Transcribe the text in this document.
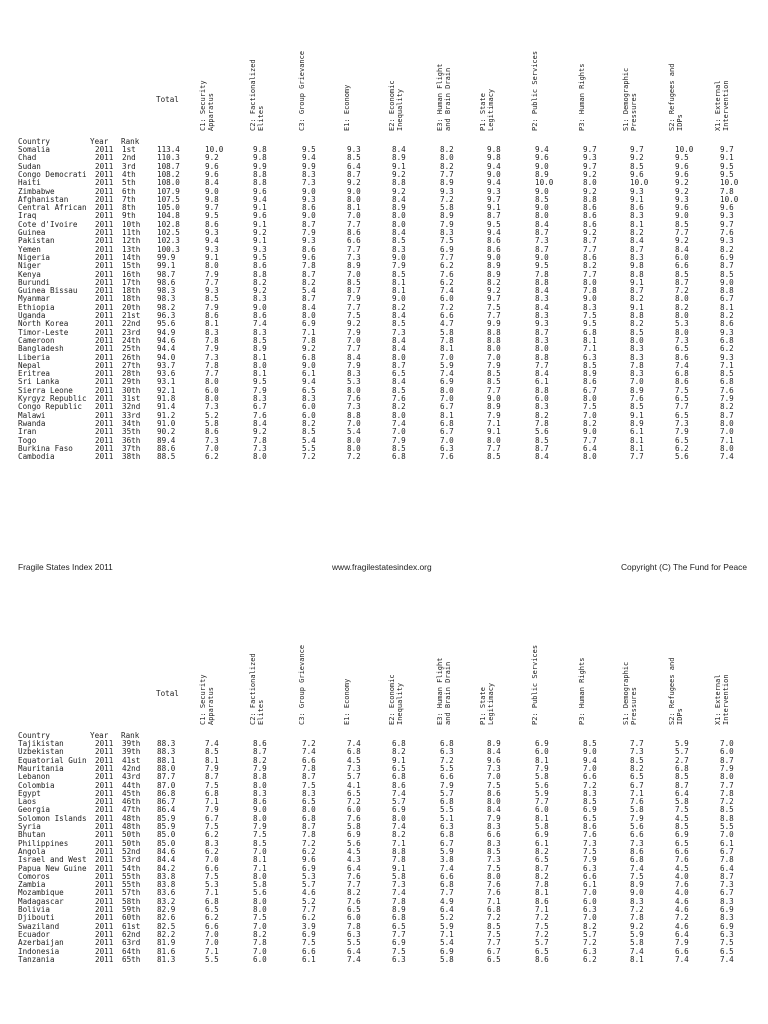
Total
Country	Year Rank
C1: Security Apparatus	C2: Factionalized Elites	C3: Group Grievance	E1: Economy	E2: Economic Inequality	E3: Human Flight and Brain Drain	P1: State Legitimacy	P2: Public Services	P3: Human Rights	S1: Demographic Pressures	S2: Refugees and IDPs	X1: External Intervention
Somalia	2011 1st	113.4	10.0	9.8	9.5	9.3	8.4	8.2	9.8	9.4	9.7	9.7	10.0	9.7
Chad	2011 2nd	110.3	9.2	9.8	9.4	8.5	8.9	8.0	9.8	9.6	9.3	9.2	9.5	9.1
Sudan	2011 3rd	108.7	9.6	9.9	9.9	6.4	9.1	8.2	9.4	9.0	9.7	8.5	9.6	9.5
Congo Democrati 2011 4th	108.2	9.6	8.8	8.3	8.7	9.2	7.7	9.0	8.9	9.2	9.6	9.6	9.5
Haiti	2011 5th	108.0	8.4	8.8	7.3	9.2	8.8	8.9	9.4	10.0	8.0	10.0	9.2	10.0
Zimbabwe	2011 6th	107.9	9.0	9.6	9.0	9.0	9.2	9.3	9.3	9.0	9.2	9.3	9.2	7.8
Afghanistan	2011 7th	107.5	9.8	9.4	9.3	8.0	8.4	7.2	9.7	8.5	8.8	9.1	9.3	10.0
Central African 2011 8th	105.0	9.7	9.1	8.6	8.1	8.9	5.8	9.1	9.0	8.6	8.6	9.6	9.6
Iraq	2011 9th	104.8	9.5	9.6	9.0	7.0	8.0	8.9	8.7	8.0	8.6	8.3	9.0	9.3
Cote d'Ivoire 2011 10th 102.8	8.6	9.1	8.7	7.7	8.0	7.9	9.5	8.4	8.6	8.1	8.5	9.7
Guinea	2011 11th 102.5	9.3	9.2	7.9	8.6	8.4	8.3	9.4	8.7	9.2	8.2	7.7	7.6
Pakistan	2011 12th 102.3	9.4	9.1	9.3	6.6	8.5	7.5	8.6	7.3	8.7	8.4	9.2	9.3
Yemen	2011 13th 100.3	9.3	9.3	8.6	7.7	8.3	6.9	8.6	8.7	7.7	8.7	8.4	8.2
Nigeria	2011 14th 99.9	9.1	9.5	9.6	7.3	9.0	7.7	9.0	9.0	8.6	8.3	6.0	6.9
Niger	2011 15th 99.1	8.0	8.6	7.8	8.9	7.9	6.2	8.9	9.5	8.2	9.8	6.6	8.7
Kenya	2011 16th 98.7	7.9	8.8	8.7	7.0	8.5	7.6	8.9	7.8	7.7	8.8	8.5	8.5
Burundi	2011 17th 98.6	7.7	8.2	8.2	8.5	8.1	6.2	8.2	8.8	8.0	9.1	8.7	9.0
Guinea Bissau 2011 18th 98.3	9.3	9.2	5.4	8.7	8.1	7.4	9.2	8.4	7.8	8.7	7.2	8.8
Myanmar	2011 18th 98.3	8.5	8.3	8.7	7.9	9.0	6.0	9.7	8.3	9.0	8.2	8.0	6.7
Ethiopia	2011 20th 98.2	7.9	9.0	8.4	7.7	8.2	7.2	7.5	8.4	8.3	9.1	8.2	8.1
Uganda	2011 21st 96.3	8.6	8.6	8.0	7.5	8.4	6.6	7.7	8.3	7.5	8.8	8.0	8.2
North Korea	2011 22nd 95.6	8.1	7.4	6.9	9.2	8.5	4.7	9.9	9.3	9.5	8.2	5.3	8.6
Timor-Leste	2011 23rd 94.9	8.3	8.3	7.1	7.9	7.3	5.8	8.8	8.7	6.8	8.5	8.0	9.3
Cameroon	2011 24th 94.6	7.8	8.5	7.8	7.0	8.4	7.8	8.8	8.3	8.1	8.0	7.3	6.8
Bangladesh	2011 25th 94.4	7.9	8.9	9.2	7.7	8.4	8.1	8.0	8.0	7.1	8.3	6.5	6.2
Liberia	2011 26th 94.0	7.3	8.1	6.8	8.4	8.0	7.0	7.0	8.8	6.3	8.3	8.6	9.3
Nepal	2011 27th 93.7	7.8	8.0	9.0	7.9	8.7	5.9	7.9	7.7	8.5	7.8	7.4	7.1
Eritrea	2011 28th 93.6	7.7	8.1	6.1	8.3	6.5	7.4	8.5	8.4	8.9	8.3	6.8	8.5
Sri Lanka	2011 29th 93.1	8.0	9.5	9.4	5.3	8.4	6.9	8.5	6.1	8.6	7.0	8.6	6.8
Sierra Leone	2011 30th 92.1	6.0	7.9	6.5	8.0	8.5	8.0	7.7	8.8	6.7	8.9	7.5	7.6
Kyrgyz Republic 2011 31st 91.8	8.0	8.3	8.3	7.6	7.6	7.0	9.0	6.0	8.0	7.6	6.5	7.9
Congo Republic 2011 32nd 91.4	7.3	6.7	6.0	7.3	8.2	6.7	8.9	8.3	7.5	8.5	7.7	8.2
Malawi	2011 33rd 91.2	5.2	7.6	6.0	8.8	8.0	8.1	7.9	8.2	7.0	9.1	6.5	8.7
Rwanda	2011 34th 91.0	5.8	8.4	8.2	7.0	7.4	6.8	7.1	7.8	8.2	8.9	7.3	8.0
Iran	2011 35th 90.2	8.6	9.2	8.5	5.4	7.0	6.7	9.1	5.6	9.0	6.1	7.9	7.0
Togo	2011 36th 89.4	7.3	7.8	5.4	8.0	7.9	7.0	8.0	8.5	7.7	8.1	6.5	7.1
Burkina Faso	2011 37th 88.6	7.0	7.3	5.5	8.0	8.5	6.3	7.7	8.7	6.4	8.1	6.2	8.0
Cambodia	2011 38th 88.5	6.2	8.0	7.2	7.2	6.8	7.6	8.5	8.4	8.0	7.7	5.6	7.4
Fragile States Index 2011	www.fragilestatesindex.org	Copyright (C) The Fund for Peace
Total
Country	Year Rank
C1: Security Apparatus	C2: Factionalized Elites	C3: Group Grievance	E1: Economy	E2: Economic Inequality	E3: Human Flight and Brain Drain	P1: State Legitimacy	P2: Public Services	P3: Human Rights	S1: Demographic Pressures	S2: Refugees and IDPs	X1: External Intervention
Tajikistan	2011 39th 88.3	7.4	8.6	7.2	7.4	6.8	6.8	8.9	6.9	8.5	7.7	5.9	7.0
Uzbekistan	2011 39th 88.3	8.5	8.7	7.4	6.8	8.2	6.3	8.4	6.0	9.0	7.3	5.7	6.0
Equatorial Guin 2011 41st 88.1	8.1	8.2	6.6	4.5	9.1	7.2	9.6	8.1	9.4	8.5	2.7	8.7
Mauritania	2011 42nd 88.0	7.9	7.9	7.8	7.3	6.5	5.5	7.3	7.9	7.0	8.2	6.8	7.9
Lebanon	2011 43rd 87.7	8.7	8.8	8.7	5.7	6.8	6.6	7.0	5.8	6.6	6.5	8.5	8.0
Colombia	2011 44th 87.0	7.5	8.0	7.5	4.1	8.6	7.9	7.5	5.6	7.2	6.7	8.7	7.7
Egypt	2011 45th 86.8	6.8	8.3	8.3	6.5	7.4	5.7	8.6	5.9	8.3	7.1	6.4	7.8
Laos	2011 46th 86.7	7.1	8.6	6.5	7.2	5.7	6.8	8.0	7.7	8.5	7.6	5.8	7.2
Georgia	2011 47th 86.4	7.9	9.0	8.0	6.0	6.9	5.5	8.4	6.0	6.9	5.8	7.5	8.5
Solomon Islands 2011 48th 85.9	6.7	8.0	6.8	7.6	8.0	5.1	7.9	8.1	6.5	7.9	4.5	8.8
Syria	2011 48th 85.9	7.5	7.9	8.7	5.8	7.4	6.3	8.3	5.8	8.6	5.6	8.5	5.5
Bhutan	2011 50th 85.0	6.2	7.5	7.8	6.9	8.2	6.8	6.6	6.9	7.6	6.6	6.9	7.0
Philippines	2011 50th 85.0	8.3	8.5	7.2	5.6	7.1	6.7	8.3	6.1	7.3	7.3	6.5	6.1
Angola	2011 52nd 84.6	6.2	7.0	6.2	4.5	8.8	5.9	8.5	8.2	7.5	8.6	6.6	6.7
Israel and West 2011 53rd 84.4	7.0	8.1	9.6	4.3	7.8	3.8	7.3	6.5	7.9	6.8	7.6	7.8
Papua New Guine 2011 54th 84.2	6.6	7.1	6.9	6.4	9.1	7.4	7.5	8.7	6.3	7.4	4.5	6.4
Comoros	2011 55th 83.8	7.5	8.0	5.3	7.6	5.8	6.6	8.0	8.2	6.6	7.5	4.0	8.7
Zambia	2011 55th 83.8	5.3	5.8	5.7	7.7	7.3	6.8	7.6	7.8	6.1	8.9	7.6	7.3
Mozambique	2011 57th 83.6	7.1	5.6	4.6	8.2	7.4	7.7	7.6	8.1	7.0	9.0	4.0	6.7
Madagascar	2011 58th 83.2	6.8	8.0	5.2	7.6	7.8	4.9	7.1	8.6	6.0	8.3	4.6	8.3
Bolivia	2011 59th 82.9	6.5	8.0	7.7	6.5	8.9	6.4	6.8	7.1	6.3	7.2	4.6	6.9
Djibouti	2011 60th 82.6	6.2	7.5	6.2	6.0	6.8	5.2	7.2	7.2	7.0	7.8	7.2	8.3
Swaziland	2011 61st 82.5	6.6	7.0	3.9	7.8	6.5	5.9	8.5	7.5	8.2	9.2	4.6	6.9
Ecuador	2011 62nd 82.2	7.0	8.2	6.9	6.3	7.7	7.1	7.5	7.2	5.7	5.9	6.4	6.3
Azerbaijan	2011 63rd 81.9	7.0	7.8	7.5	5.5	6.9	5.4	7.7	5.7	7.2	5.8	7.9	7.5
Indonesia	2011 64th 81.6	7.1	7.0	6.6	6.4	7.5	6.9	6.7	6.5	6.3	7.4	6.6	6.5
Tanzania	2011 65th 81.3	5.5	6.0	6.1	7.4	6.3	5.8	6.5	8.6	6.2	8.1	7.4	7.4
